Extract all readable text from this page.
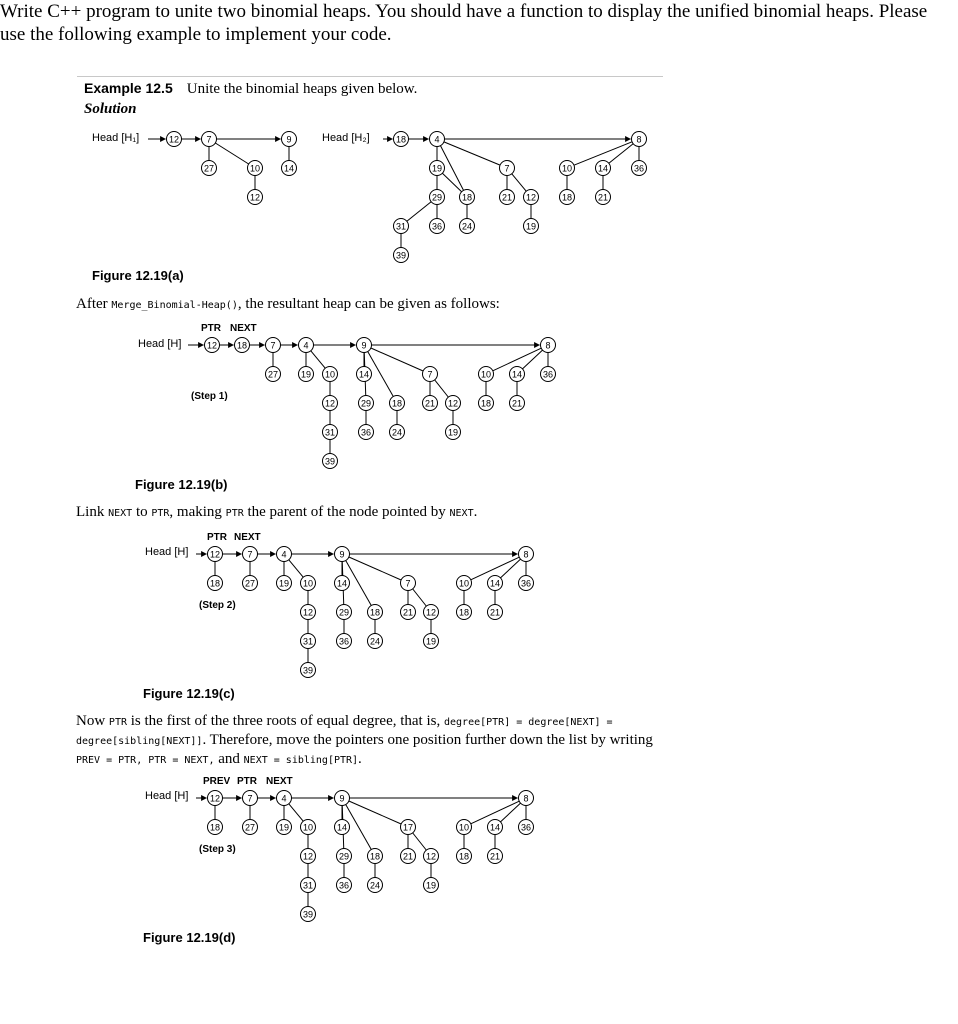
Write C++ program to unite two binomial heaps. You should have a function to display the unified binomial heaps. Please use the following example to implement your code.
Example 12.5 Unite the binomial heaps given below.
Solution
After Merge_Binomial-Heap(), the resultant heap can be given as follows:
Link NEXT to PTR, making PTR the parent of the node pointed by NEXT.
Now PTR is the first of the three roots of equal degree, that is, degree[PTR] = degree[NEXT] =
degree[sibling[NEXT]]. Therefore, move the pointers one position further down the list by writing
PREV = PTR, PTR = NEXT, and NEXT = sibling[PTR].
Figure 12.19(a)
Figure 12.19(b)
Figure 12.19(c)
Figure 12.19(d)
Head [H₁]	Head [H₂]
PTR NEXT
Head [H]
(Step 1)
PTR NEXT
Head [H]
(Step 2)
PREV PTR NEXT
Head [H]
(Step 3)
12	7
27	10
12
9
14
18	4
19
29
36
18
24
7
21 12
19
31
39
8
10
18
14
21
36
12 18	7
27
4
19 10
12
31
39
9
14
29
36
18
24
7
21 12
19
8
10
18
14
21
36
12
18
7
27
4
19 10
12
31
39
9
14
29
36
18
24
7
21 12
19
8
10
18
14
21
36
12
18
7
27
4
19 10
12
31
39
9
14
29
36
18
24
17
21 12
19
8
10
18
14
21
36
